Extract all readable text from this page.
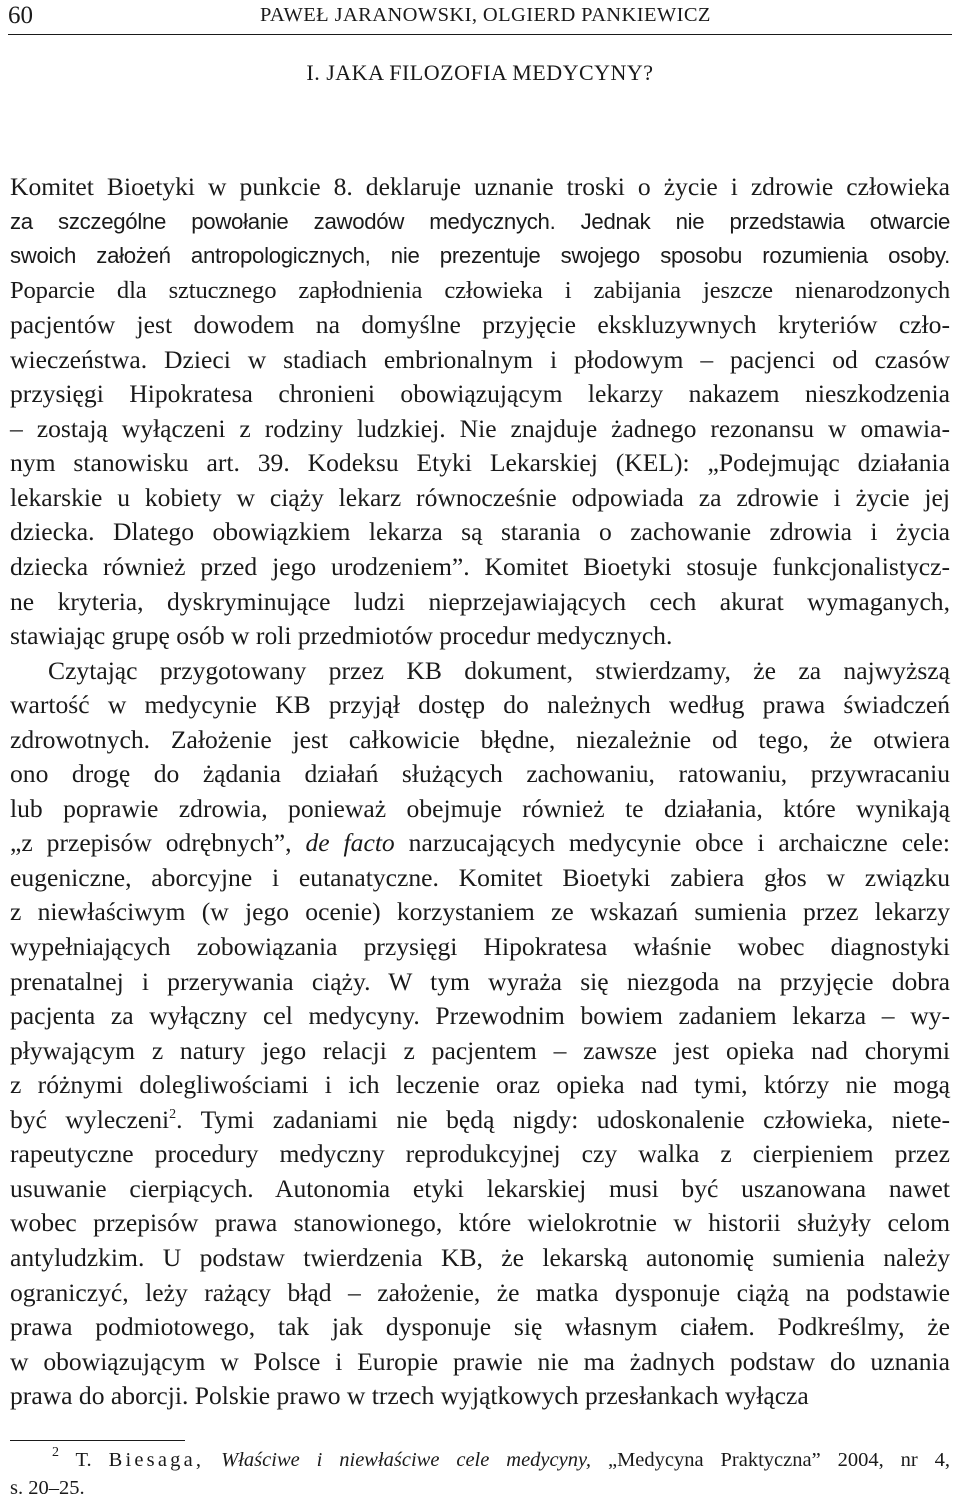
60	PAWEŁ JARANOWSKI, OLGIERD PANKIEWICZ
I. JAKA FILOZOFIA MEDYCYNY?
Komitet Bioetyki w punkcie 8. deklaruje uznanie troski o życie i zdrowie człowieka
za szczególne powołanie zawodów medycznych. Jednak nie przedstawia otwarcie
swoich założeń antropologicznych, nie prezentuje swojego sposobu rozumienia osoby.
Poparcie dla sztucznego zapłodnienia człowieka i zabijania jeszcze nienarodzonych
pacjentów jest dowodem na domyślne przyjęcie ekskluzywnych kryteriów czło-
wieczeństwa. Dzieci w stadiach embrionalnym i płodowym – pacjenci od czasów
przysięgi Hipokratesa chronieni obowiązującym lekarzy nakazem nieszkodzenia
– zostają wyłączeni z rodziny ludzkiej. Nie znajduje żadnego rezonansu w omawia-
nym stanowisku art. 39. Kodeksu Etyki Lekarskiej (KEL): „Podejmując działania
lekarskie u kobiety w ciąży lekarz równocześnie odpowiada za zdrowie i życie jej
dziecka. Dlatego obowiązkiem lekarza są starania o zachowanie zdrowia i życia
dziecka również przed jego urodzeniem”. Komitet Bioetyki stosuje funkcjonalistycz-
ne kryteria, dyskryminujące ludzi nieprzejawiających cech akurat wymaganych,
stawiając grupę osób w roli przedmiotów procedur medycznych.
Czytając przygotowany przez KB dokument, stwierdzamy, że za najwyższą
wartość w medycynie KB przyjął dostęp do należnych według prawa świadczeń
zdrowotnych. Założenie jest całkowicie błędne, niezależnie od tego, że otwiera
ono drogę do żądania działań służących zachowaniu, ratowaniu, przywracaniu
lub poprawie zdrowia, ponieważ obejmuje również te działania, które wynikają
„z przepisów odrębnych”, de facto narzucających medycynie obce i archaiczne cele:
eugeniczne, aborcyjne i eutanatyczne. Komitet Bioetyki zabiera głos w związku
z niewłaściwym (w jego ocenie) korzystaniem ze wskazań sumienia przez lekarzy
wypełniających zobowiązania przysięgi Hipokratesa właśnie wobec diagnostyki
prenatalnej i przerywania ciąży. W tym wyraża się niezgoda na przyjęcie dobra
pacjenta za wyłączny cel medycyny. Przewodnim bowiem zadaniem lekarza – wy-
pływającym z natury jego relacji z pacjentem – zawsze jest opieka nad chorymi
z różnymi dolegliwościami i ich leczenie oraz opieka nad tymi, którzy nie mogą
być wyleczeni$^2$. Tymi zadaniami nie będą nigdy: udoskonalenie człowieka, niete-
rapeutyczne procedury medyczny reprodukcyjnej czy walka z cierpieniem przez
usuwanie cierpiących. Autonomia etyki lekarskiej musi być uszanowana nawet
wobec przepisów prawa stanowionego, które wielokrotnie w historii służyły celom
antyludzkim. U podstaw twierdzenia KB, że lekarską autonomię sumienia należy
ograniczyć, leży rażący błąd – założenie, że matka dysponuje ciążą na podstawie
prawa podmiotowego, tak jak dysponuje się własnym ciałem. Podkreślmy, że
w obowiązującym w Polsce i Europie prawie nie ma żadnych podstaw do uznania
prawa do aborcji. Polskie prawo w trzech wyjątkowych przesłankach wyłącza
$^2$ T. Biesaga, Właściwe i niewłaściwe cele medycyny, „Medycyna Praktyczna” 2004, nr 4,
s. 20–25.
